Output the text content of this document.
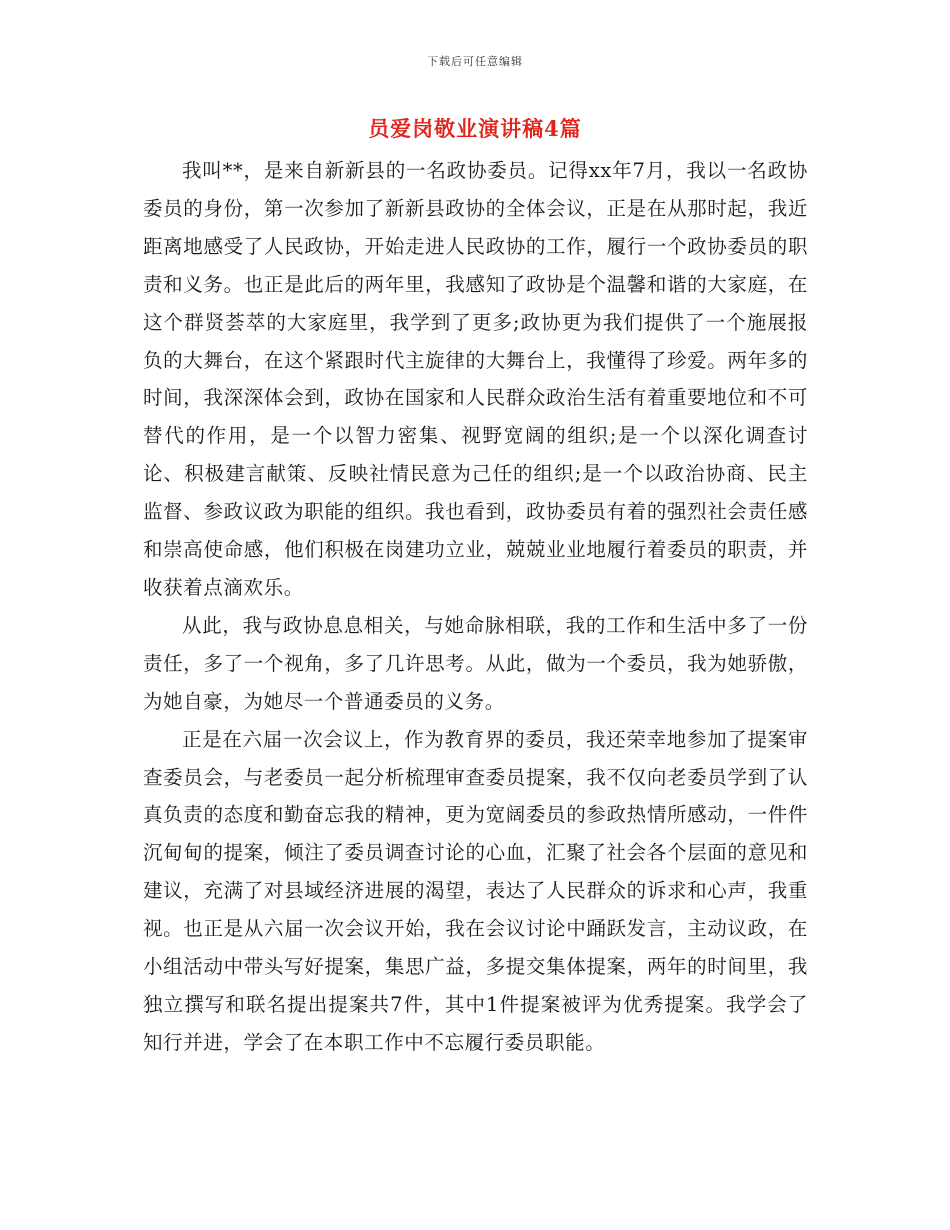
下载后可任意编辑
员爱岗敬业演讲稿4篇

我叫**，是来自新新县的一名政协委员。记得xx年7月，我以一名政协委员的身份，第一次参加了新新县政协的全体会议，正是在从那时起，我近距离地感受了人民政协，开始走进人民政协的工作，履行一个政协委员的职责和义务。也正是此后的两年里，我感知了政协是个温馨和谐的大家庭，在这个群贤荟萃的大家庭里，我学到了更多;政协更为我们提供了一个施展报负的大舞台，在这个紧跟时代主旋律的大舞台上，我懂得了珍爱。两年多的时间，我深深体会到，政协在国家和人民群众政治生活有着重要地位和不可替代的作用，是一个以智力密集、视野宽阔的组织;是一个以深化调查讨论、积极建言献策、反映社情民意为己任的组织;是一个以政治协商、民主监督、参政议政为职能的组织。我也看到，政协委员有着的强烈社会责任感和崇高使命感，他们积极在岗建功立业，兢兢业业地履行着委员的职责，并收获着点滴欢乐。

从此，我与政协息息相关，与她命脉相联，我的工作和生活中多了一份责任，多了一个视角，多了几许思考。从此，做为一个委员，我为她骄傲，为她自豪，为她尽一个普通委员的义务。

正是在六届一次会议上，作为教育界的委员，我还荣幸地参加了提案审查委员会，与老委员一起分析梳理审查委员提案，我不仅向老委员学到了认真负责的态度和勤奋忘我的精神，更为宽阔委员的参政热情所感动，一件件沉甸甸的提案，倾注了委员调查讨论的心血，汇聚了社会各个层面的意见和建议，充满了对县域经济进展的渴望，表达了人民群众的诉求和心声，我重视。也正是从六届一次会议开始，我在会议讨论中踊跃发言，主动议政，在小组活动中带头写好提案，集思广益，多提交集体提案，两年的时间里，我独立撰写和联名提出提案共7件，其中1件提案被评为优秀提案。我学会了知行并进，学会了在本职工作中不忘履行委员职能。
